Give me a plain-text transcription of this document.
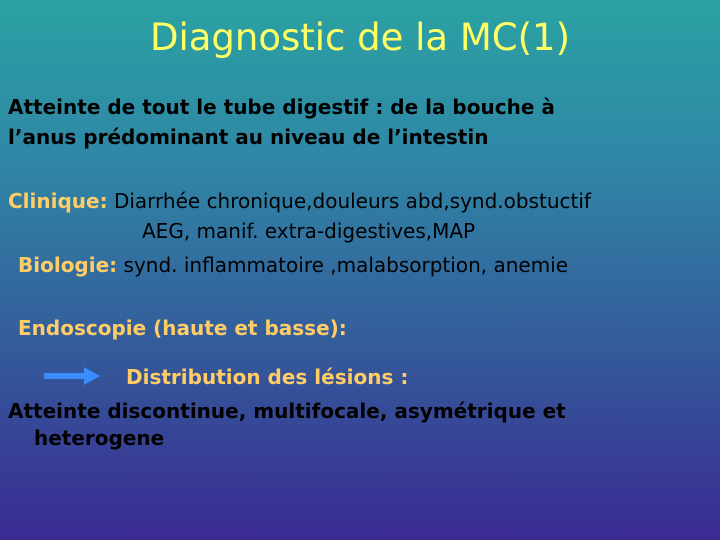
Diagnostic de la MC(1)
Atteinte de tout le tube digestif : de la bouche à
l’anus prédominant au niveau de l’intestin
Clinique: Diarrhée chronique,douleurs abd,synd.obstuctif
AEG, manif. extra-digestives,MAP
Biologie: synd. inflammatoire ,malabsorption, anemie
Endoscopie (haute et basse):
Distribution des lésions :
Atteinte discontinue, multifocale, asymétrique et
heterogene
